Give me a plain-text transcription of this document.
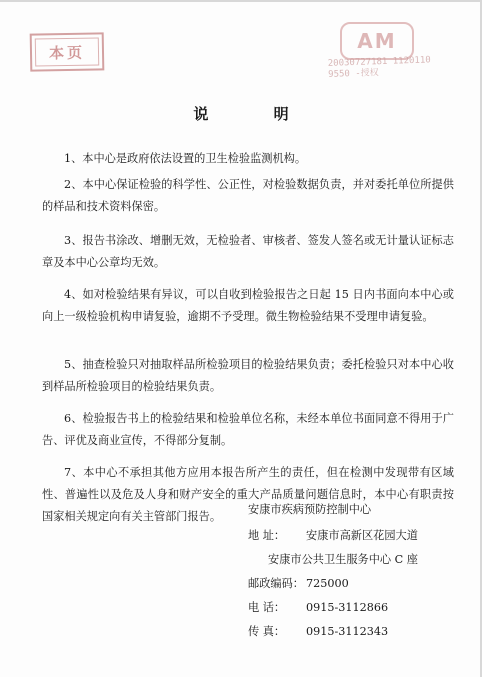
本页	AM
20030727181 1120110 9550 -授权
说 明

1、本中心是政府依法设置的卫生检验监测机构。

2、本中心保证检验的科学性、公正性，对检验数据负责，并对委托单位所提供的样品和技术资料保密。

3、报告书涂改、增删无效，无检验者、审核者、签发人签名或无计量认证标志章及本中心公章均无效。

4、如对检验结果有异议，可以自收到检验报告之日起 15 日内书面向本中心或向上一级检验机构申请复验，逾期不予受理。微生物检验结果不受理申请复验。

5、抽查检验只对抽取样品所检验项目的检验结果负责；委托检验只对本中心收到样品所检验项目的检验结果负责。

6、检验报告书上的检验结果和检验单位名称，未经本单位书面同意不得用于广告、评优及商业宣传，不得部分复制。

7、本中心不承担其他方应用本报告所产生的责任，但在检测中发现带有区域性、普遍性以及危及人身和财产安全的重大产品质量问题信息时，本中心有职责按国家相关规定向有关主管部门报告。

安康市疾病预防控制中心
地 址： 安康市高新区花园大道
安康市公共卫生服务中心 C 座
邮政编码： 725000
电 话： 0915-3112866
传 真： 0915-3112343
